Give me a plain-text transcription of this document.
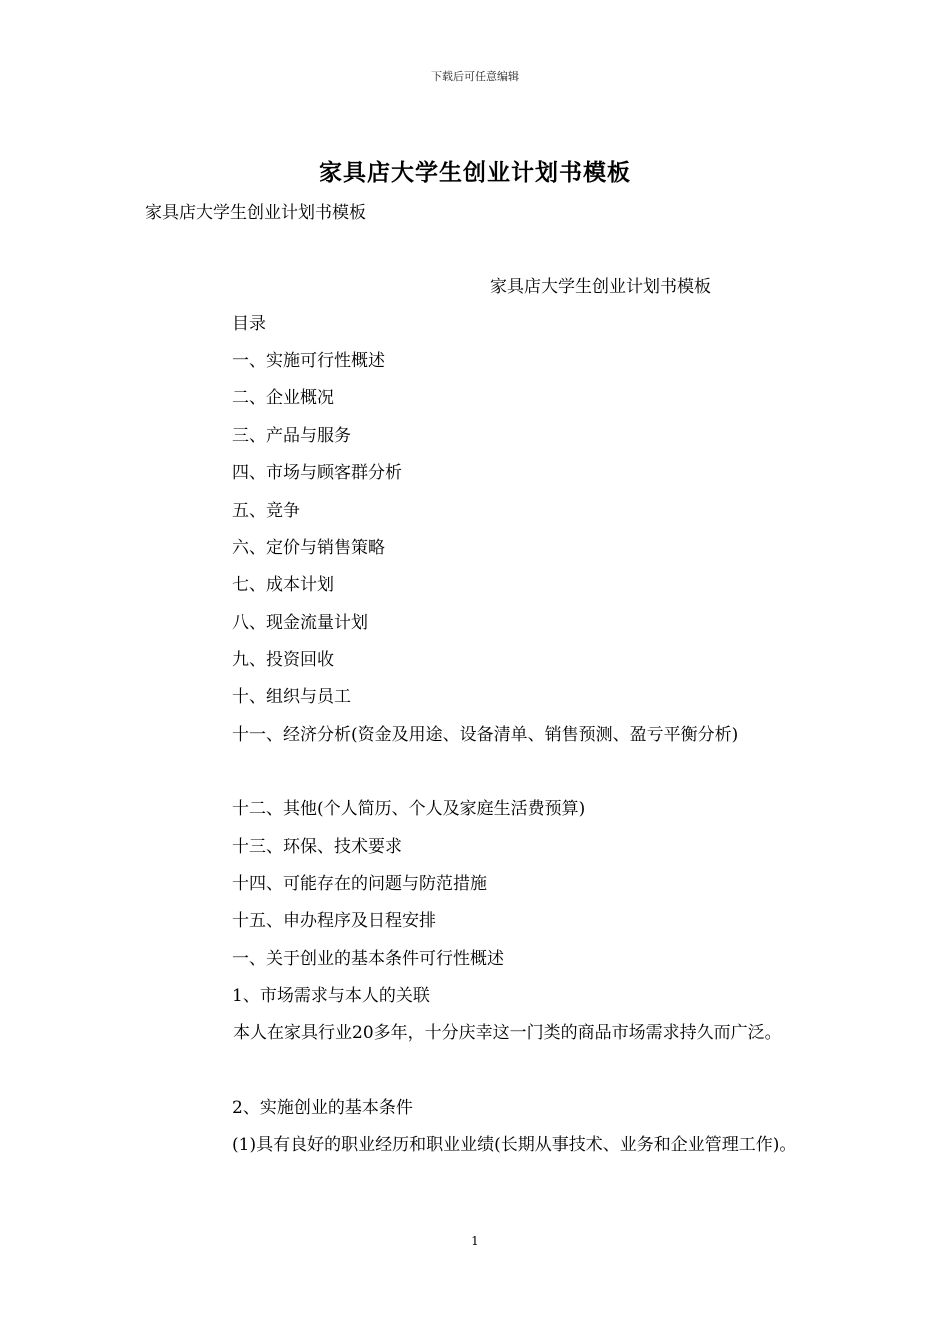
下载后可任意编辑
家具店大学生创业计划书模板
家具店大学生创业计划书模板
家具店大学生创业计划书模板
目录
一、实施可行性概述
二、企业概况
三、产品与服务
四、市场与顾客群分析
五、竞争
六、定价与销售策略
七、成本计划
八、现金流量计划
九、投资回收
十、组织与员工
十一、经济分析(资金及用途、设备清单、销售预测、盈亏平衡分析)
十二、其他(个人简历、个人及家庭生活费预算)
十三、环保、技术要求
十四、可能存在的问题与防范措施
十五、申办程序及日程安排
一、关于创业的基本条件可行性概述
1、市场需求与本人的关联
本人在家具行业20多年，十分庆幸这一门类的商品市场需求持久而广泛。
2、实施创业的基本条件
(1)具有良好的职业经历和职业业绩(长期从事技术、业务和企业管理工作)。
1
